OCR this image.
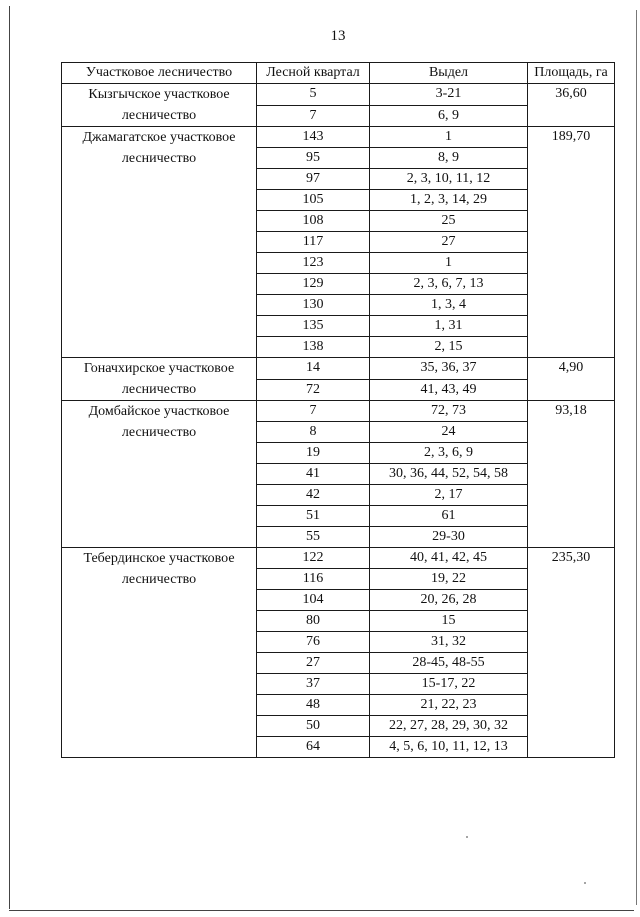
13
Участковое лесничество	Лесной квартал	Выдел	Площадь, га
Кызгычское участковое лесничество	5	3-21	36,60
	7	6, 9	
Джамагатское участковое лесничество	143	1	189,70
	95	8, 9	
	97	2, 3, 10, 11, 12	
	105	1, 2, 3, 14, 29	
	108	25	
	117	27	
	123	1	
	129	2, 3, 6, 7, 13	
	130	1, 3, 4	
	135	1, 31	
	138	2, 15	
Гоначхирское участковое лесничество	14	35, 36, 37	4,90
	72	41, 43, 49	
Домбайское участковое лесничество	7	72, 73	93,18
	8	24	
	19	2, 3, 6, 9	
	41	30, 36, 44, 52, 54, 58	
	42	2, 17	
	51	61	
	55	29-30	
Тебердинское участковое лесничество	122	40, 41, 42, 45	235,30
	116	19, 22	
	104	20, 26, 28	
	80	15	
	76	31, 32	
	27	28-45, 48-55	
	37	15-17, 22	
	48	21, 22, 23	
	50	22, 27, 28, 29, 30, 32	
	64	4, 5, 6, 10, 11, 12, 13	
